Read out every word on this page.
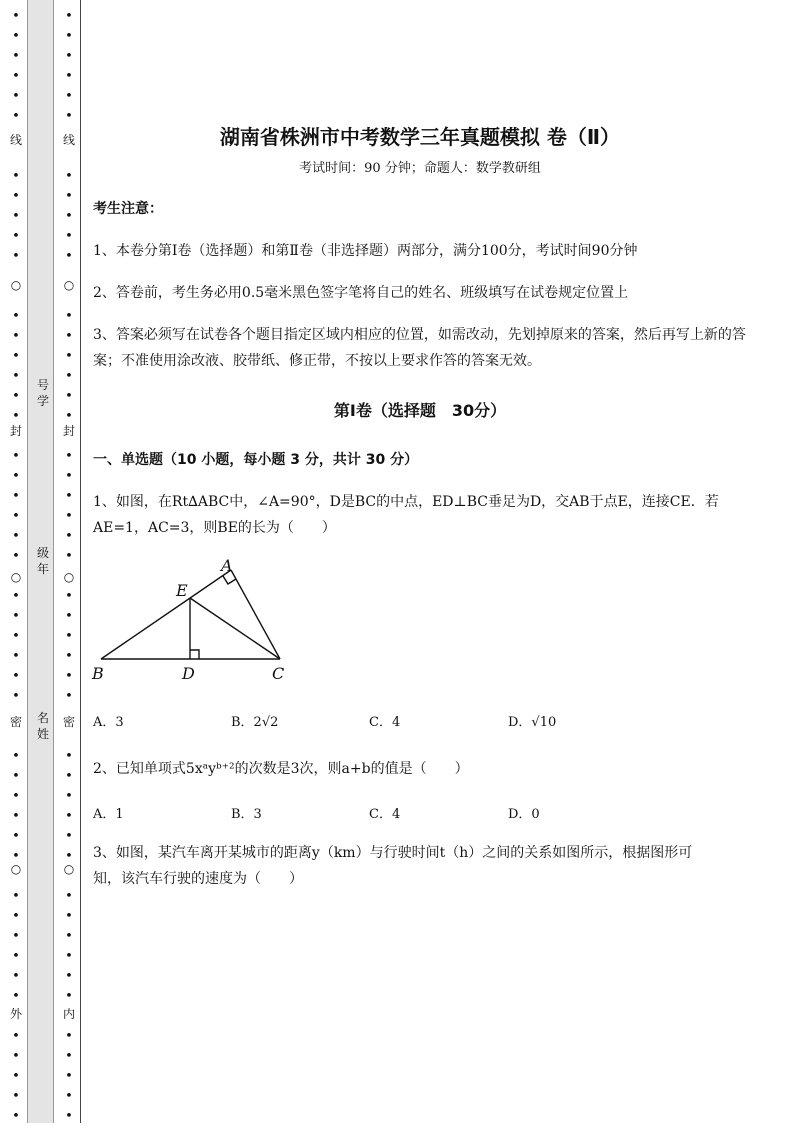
•
•
•
•
•
•
•
•
•
•
•
•
•
•
•
•
•
•
•
•
•
•
•
•
•
•
•
•
•
•
•
•
•
•
•
•
•
•
•
•
•
•
•
•
•
•
线
○
封
○
密
○
外
•
•
•
•
•
•
•
•
•
•
•
•
•
•
•
•
•
•
•
•
•
•
•
•
•
•
•
•
•
•
•
•
•
•
•
•
•
•
•
•
•
•
•
•
•
•
线
○
封
○
密
○
内
号
学
级
年
名
姓
湖南省株洲市中考数学三年真题模拟 卷（Ⅱ）
考试时间：90 分钟；命题人：数学教研组
考生注意：
1、本卷分第Ⅰ卷（选择题）和第Ⅱ卷（非选择题）两部分，满分100分，考试时间90分钟
2、答卷前，考生务必用0.5毫米黑色签字笔将自己的姓名、班级填写在试卷规定位置上
3、答案必须写在试卷各个题目指定区域内相应的位置，如需改动，先划掉原来的答案，然后再写上新的答案；不准使用涂改液、胶带纸、修正带，不按以上要求作答的答案无效。
第Ⅰ卷（选择题　30分）
一、单选题（10 小题，每小题 3 分，共计 30 分）
1、如图，在Rt∆ABC中，∠A=90°，D是BC的中点，ED⊥BC垂足为D，交AB于点E，连接CE．若
AE=1，AC=3，则BE的长为（　　）
A
E
B	D	C
A．3	B．2√2	C．4	D．√10
2、已知单项式5xᵃyᵇ⁺²的次数是3次，则a+b的值是（　　）
A．1	B．3	C．4	D．0
3、如图，某汽车离开某城市的距离y（km）与行驶时间t（h）之间的关系如图所示，根据图形可
知，该汽车行驶的速度为（　　）
